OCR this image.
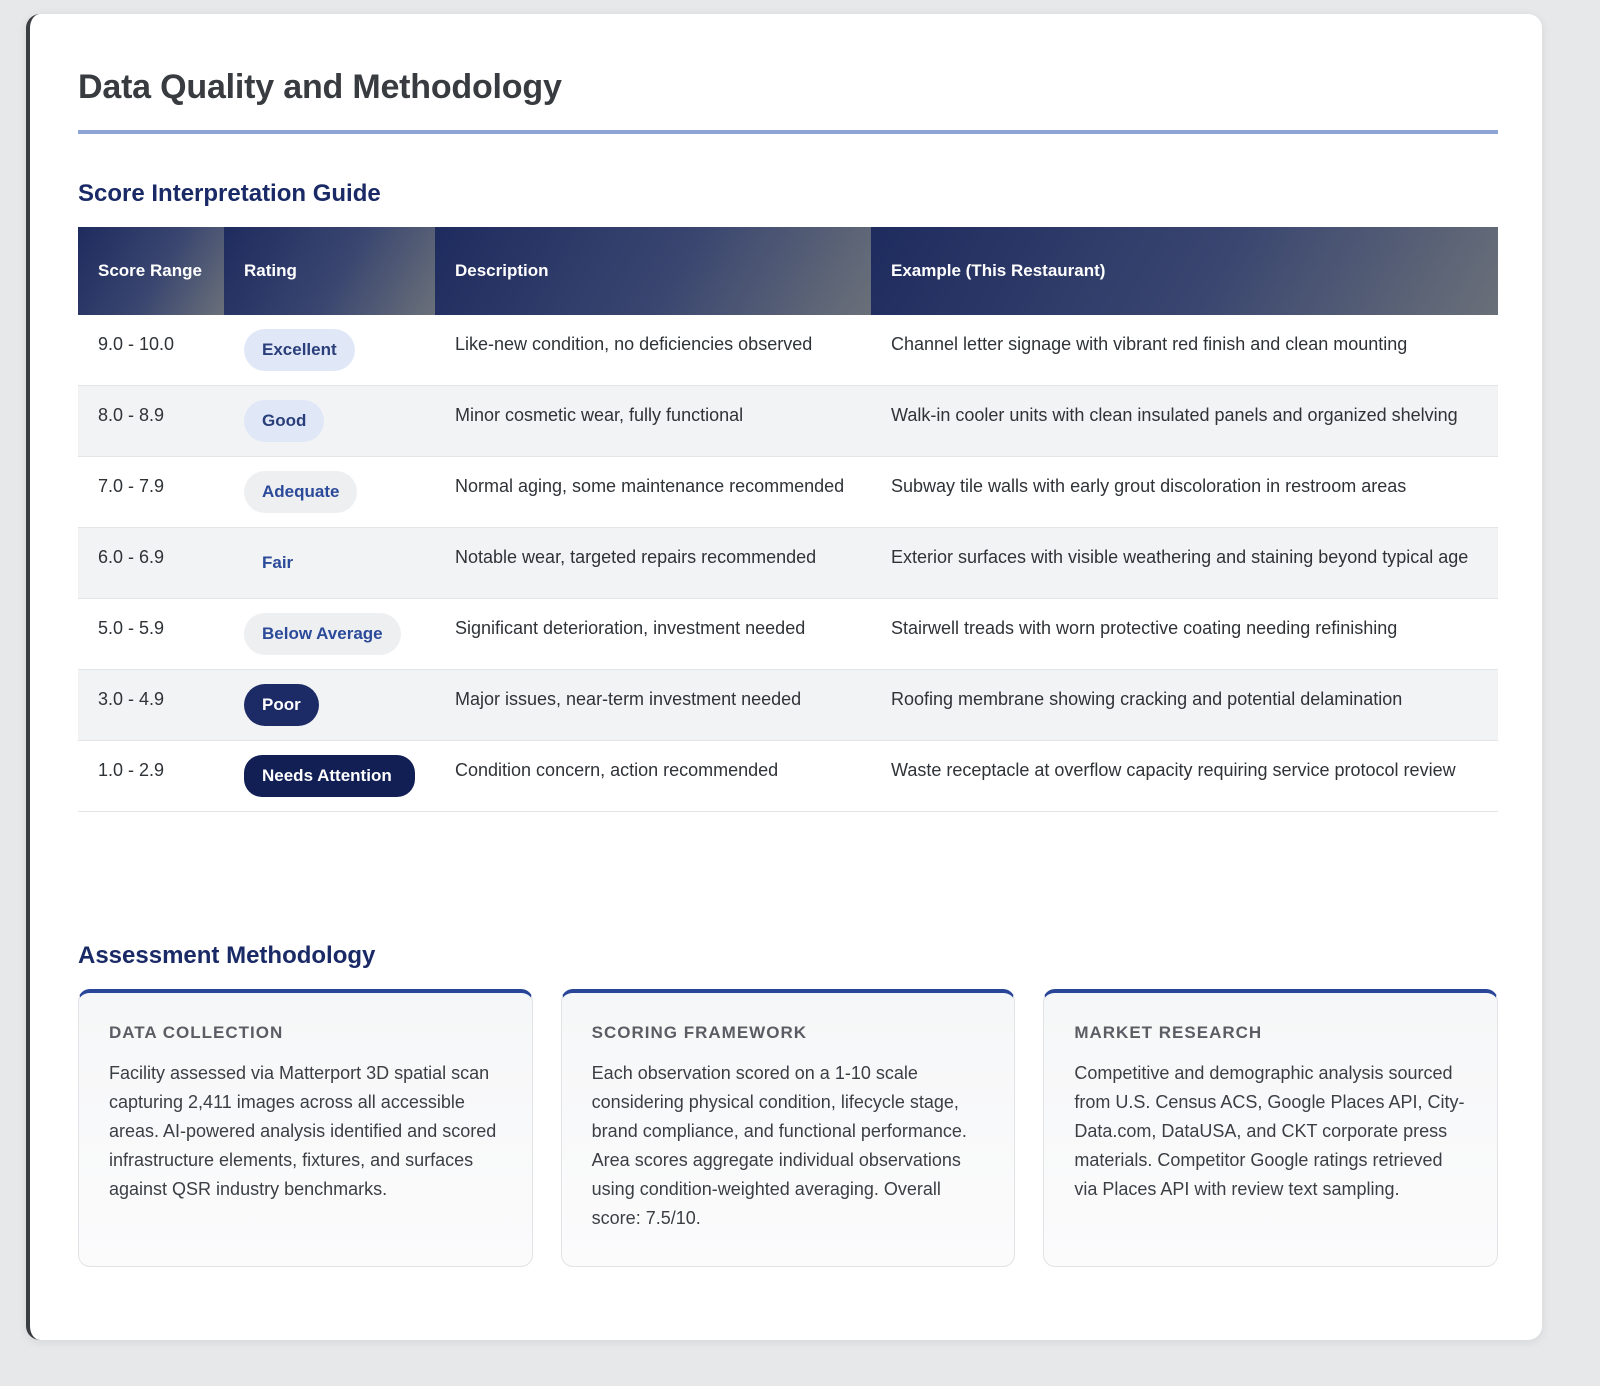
Data Quality and Methodology
Score Interpretation Guide
Score Range	Rating	Description	Example (This Restaurant)
9.0 - 10.0	Excellent	Like-new condition, no deficiencies observed	Channel letter signage with vibrant red finish and clean mounting
8.0 - 8.9	Good	Minor cosmetic wear, fully functional	Walk-in cooler units with clean insulated panels and organized shelving
7.0 - 7.9	Adequate	Normal aging, some maintenance recommended	Subway tile walls with early grout discoloration in restroom areas
6.0 - 6.9	Fair	Notable wear, targeted repairs recommended	Exterior surfaces with visible weathering and staining beyond typical age
5.0 - 5.9	Below Average	Significant deterioration, investment needed	Stairwell treads with worn protective coating needing refinishing
3.0 - 4.9	Poor	Major issues, near-term investment needed	Roofing membrane showing cracking and potential delamination
1.0 - 2.9	Needs Attention	Condition concern, action recommended	Waste receptacle at overflow capacity requiring service protocol review
Assessment Methodology
DATA COLLECTION

Facility assessed via Matterport 3D spatial scan capturing 2,411 images across all accessible areas. AI-powered analysis identified and scored infrastructure elements, fixtures, and surfaces against QSR industry benchmarks.

SCORING FRAMEWORK

Each observation scored on a 1-10 scale considering physical condition, lifecycle stage, brand compliance, and functional performance. Area scores aggregate individual observations using condition-weighted averaging. Overall score: 7.5/10.

MARKET RESEARCH

Competitive and demographic analysis sourced from U.S. Census ACS, Google Places API, City-Data.com, DataUSA, and CKT corporate press materials. Competitor Google ratings retrieved via Places API with review text sampling.
